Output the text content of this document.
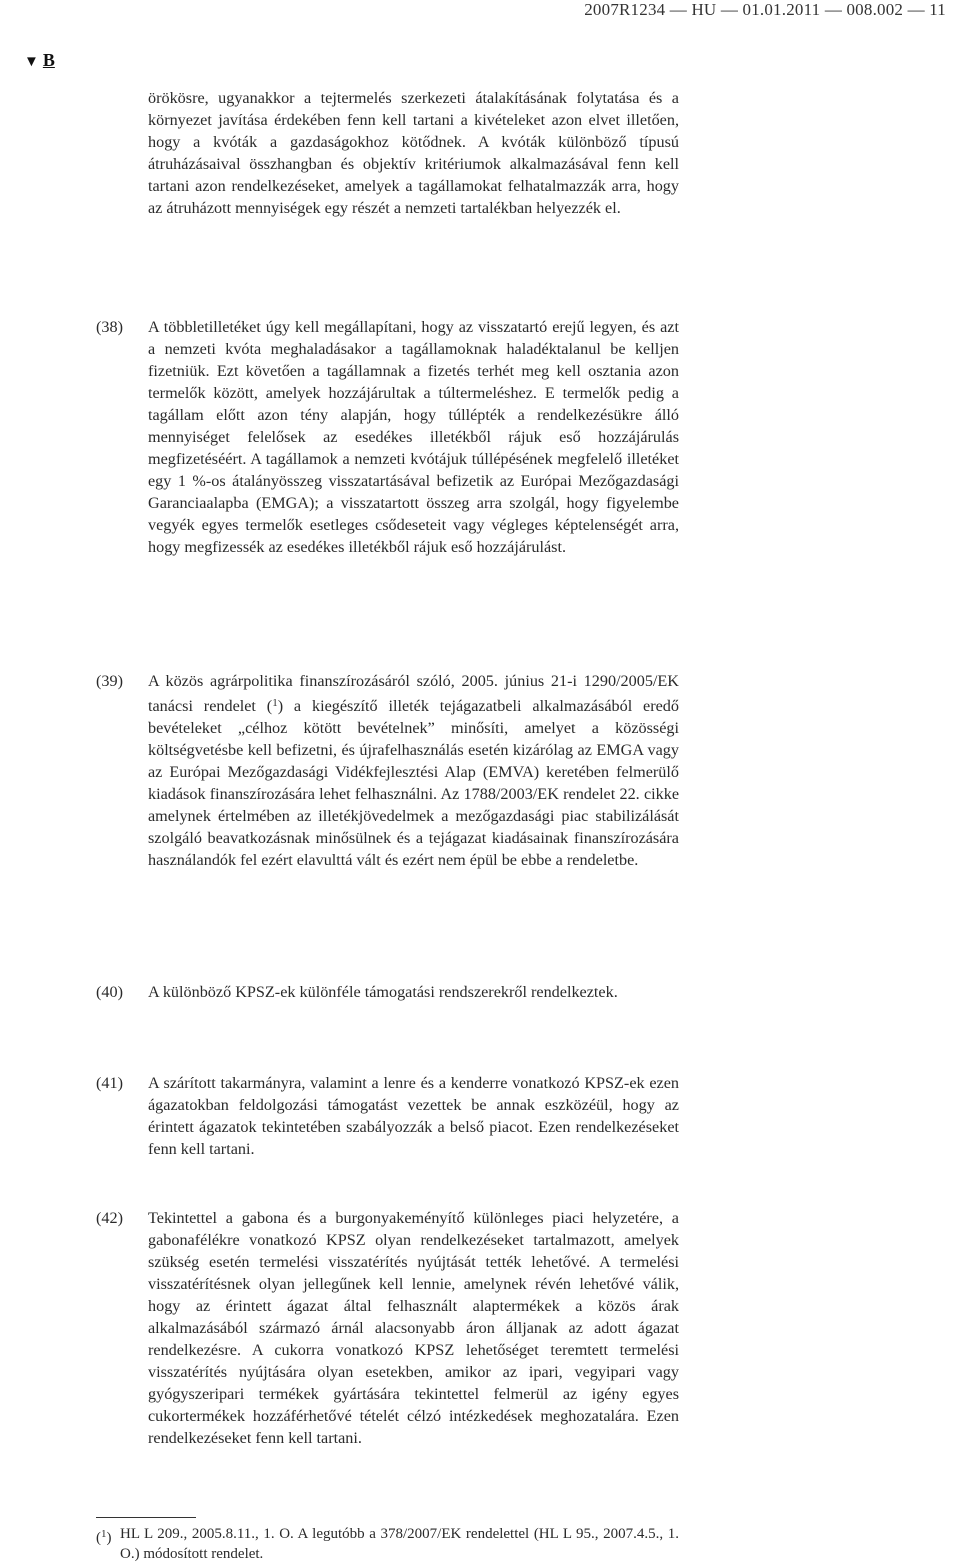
2007R1234 — HU — 01.01.2011 — 008.002 — 11
▼ B
örökösre, ugyanakkor a tejtermelés szerkezeti átalakításának folytatása és a környezet javítása érdekében fenn kell tartani a kivételeket azon elvet illetően, hogy a kvóták a gazdaságokhoz kötődnek. A kvóták különböző típusú átruházásaival összhangban és objektív kritériumok alkalmazásával fenn kell tartani azon rendelkezéseket, amelyek a tagállamokat felhatalmazzák arra, hogy az átruházott mennyiségek egy részét a nemzeti tartalékban helyezzék el.
(38) A többletilletéket úgy kell megállapítani, hogy az visszatartó erejű legyen, és azt a nemzeti kvóta meghaladásakor a tagállamoknak haladéktalanul be kelljen fizetniük. Ezt követően a tagállamnak a fizetés terhét meg kell osztania azon termelők között, amelyek hozzájárultak a túltermeléshez. E termelők pedig a tagállam előtt azon tény alapján, hogy túllépték a rendelkezésükre álló mennyiséget felelősek az esedékes illetékből rájuk eső hozzájárulás megfizetéséért. A tagállamok a nemzeti kvótájuk túllépésének megfelelő illetéket egy 1 %-os átalányösszeg visszatartásával befizetik az Európai Mezőgazdasági Garanciaalapba (EMGA); a visszatartott összeg arra szolgál, hogy figyelembe vegyék egyes termelők esetleges csődeseteit vagy végleges képtelenségét arra, hogy megfizessék az esedékes illetékből rájuk eső hozzájárulást.
(39) A közös agrárpolitika finanszírozásáról szóló, 2005. június 21-i 1290/2005/EK tanácsi rendelet ($^1$) a kiegészítő illeték tejágazatbeli alkalmazásából eredő bevételeket „célhoz kötött bevételnek” minősíti, amelyet a közösségi költségvetésbe kell befizetni, és újrafelhasználás esetén kizárólag az EMGA vagy az Európai Mezőgazdasági Vidékfejlesztési Alap (EMVA) keretében felmerülő kiadások finanszírozására lehet felhasználni. Az 1788/2003/EK rendelet 22. cikke amelynek értelmében az illetékjövedelmek a mezőgazdasági piac stabilizálását szolgáló beavatkozásnak minősülnek és a tejágazat kiadásainak finanszírozására használandók fel ezért elavulttá vált és ezért nem épül be ebbe a rendeletbe.
(40) A különböző KPSZ-ek különféle támogatási rendszerekről rendelkeztek.
(41) A szárított takarmányra, valamint a lenre és a kenderre vonatkozó KPSZ-ek ezen ágazatokban feldolgozási támogatást vezettek be annak eszközéül, hogy az érintett ágazatok tekintetében szabályozzák a belső piacot. Ezen rendelkezéseket fenn kell tartani.
(42) Tekintettel a gabona és a burgonyakeményítő különleges piaci helyzetére, a gabonafélékre vonatkozó KPSZ olyan rendelkezéseket tartalmazott, amelyek szükség esetén termelési visszatérítés nyújtását tették lehetővé. A termelési visszatérítésnek olyan jellegűnek kell lennie, amelynek révén lehetővé válik, hogy az érintett ágazat által felhasznált alaptermékek a közös árak alkalmazásából származó árnál alacsonyabb áron álljanak az adott ágazat rendelkezésre. A cukorra vonatkozó KPSZ lehetőséget teremtett termelési visszatérítés nyújtására olyan esetekben, amikor az ipari, vegyipari vagy gyógyszeripari termékek gyártására tekintettel felmerül az igény egyes cukortermékek hozzáférhetővé tételét célzó intézkedések meghozatalára. Ezen rendelkezéseket fenn kell tartani.
($^1$) HL L 209., 2005.8.11., 1. O. A legutóbb a 378/2007/EK rendelettel (HL L 95., 2007.4.5., 1. O.) módosított rendelet.
